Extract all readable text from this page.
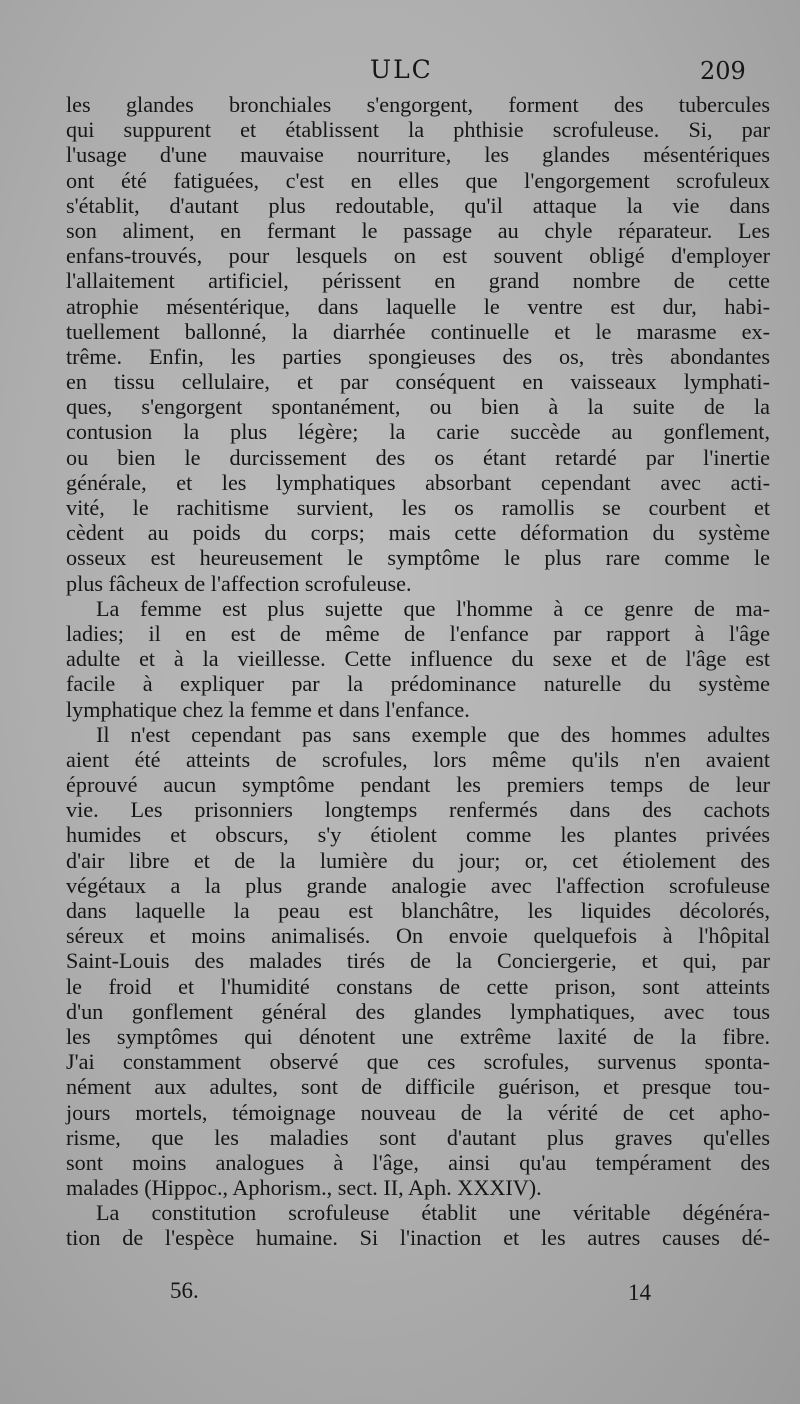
ULC	209
les glandes bronchiales s'engorgent, forment des tubercules
qui suppurent et établissent la phthisie scrofuleuse. Si, par
l'usage d'une mauvaise nourriture, les glandes mésentériques
ont été fatiguées, c'est en elles que l'engorgement scrofuleux
s'établit, d'autant plus redoutable, qu'il attaque la vie dans
son aliment, en fermant le passage au chyle réparateur. Les
enfans-trouvés, pour lesquels on est souvent obligé d'employer
l'allaitement artificiel, périssent en grand nombre de cette
atrophie mésentérique, dans laquelle le ventre est dur, habi-
tuellement ballonné, la diarrhée continuelle et le marasme ex-
trême. Enfin, les parties spongieuses des os, très abondantes
en tissu cellulaire, et par conséquent en vaisseaux lymphati-
ques, s'engorgent spontanément, ou bien à la suite de la
contusion la plus légère; la carie succède au gonflement,
ou bien le durcissement des os étant retardé par l'inertie
générale, et les lymphatiques absorbant cependant avec acti-
vité, le rachitisme survient, les os ramollis se courbent et
cèdent au poids du corps; mais cette déformation du système
osseux est heureusement le symptôme le plus rare comme le
plus fâcheux de l'affection scrofuleuse.
La femme est plus sujette que l'homme à ce genre de ma-
ladies; il en est de même de l'enfance par rapport à l'âge
adulte et à la vieillesse. Cette influence du sexe et de l'âge est
facile à expliquer par la prédominance naturelle du système
lymphatique chez la femme et dans l'enfance.
Il n'est cependant pas sans exemple que des hommes adultes
aient été atteints de scrofules, lors même qu'ils n'en avaient
éprouvé aucun symptôme pendant les premiers temps de leur
vie. Les prisonniers longtemps renfermés dans des cachots
humides et obscurs, s'y étiolent comme les plantes privées
d'air libre et de la lumière du jour; or, cet étiolement des
végétaux a la plus grande analogie avec l'affection scrofuleuse
dans laquelle la peau est blanchâtre, les liquides décolorés,
séreux et moins animalisés. On envoie quelquefois à l'hôpital
Saint-Louis des malades tirés de la Conciergerie, et qui, par
le froid et l'humidité constans de cette prison, sont atteints
d'un gonflement général des glandes lymphatiques, avec tous
les symptômes qui dénotent une extrême laxité de la fibre.
J'ai constamment observé que ces scrofules, survenus sponta-
nément aux adultes, sont de difficile guérison, et presque tou-
jours mortels, témoignage nouveau de la vérité de cet apho-
risme, que les maladies sont d'autant plus graves qu'elles
sont moins analogues à l'âge, ainsi qu'au tempérament des
malades (Hippoc., Aphorism., sect. II, Aph. XXXIV).
La constitution scrofuleuse établit une véritable dégénéra-
tion de l'espèce humaine. Si l'inaction et les autres causes dé-
56.	14
